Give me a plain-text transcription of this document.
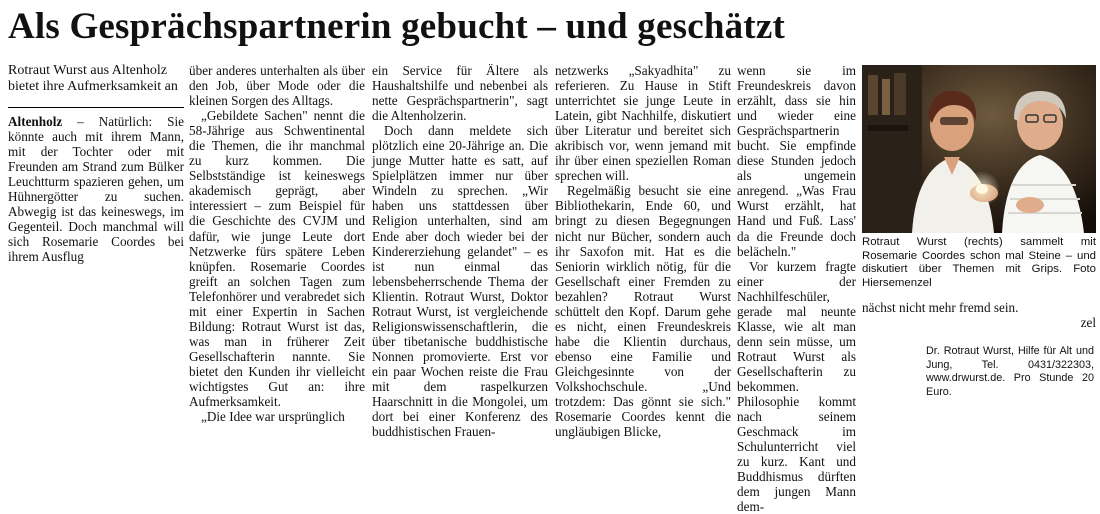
Als Gesprächspartnerin gebucht – und geschätzt

Rotraut Wurst aus Altenholz bietet ihre Aufmerksamkeit an

Altenholz – Natürlich: Sie könnte auch mit ihrem Mann, mit der Tochter oder mit Freunden am Strand zum Bülker Leuchtturm spazieren gehen, um Hühnergötter zu suchen. Abwegig ist das keineswegs, im Gegenteil. Doch manchmal will sich Rosemarie Coordes bei ihrem Ausflug

über anderes unterhalten als über den Job, über Mode oder die kleinen Sorgen des Alltags.

„Gebildete Sachen" nennt die 58-Jährige aus Schwentinental die Themen, die ihr manchmal zu kurz kommen. Die Selbstständige ist keineswegs akademisch geprägt, aber interessiert – zum Beispiel für die Geschichte des CVJM und dafür, wie junge Leute dort Netzwerke fürs spätere Leben knüpfen. Rosemarie Coordes greift an solchen Tagen zum Telefonhörer und verabredet sich mit einer Expertin in Sachen Bildung: Rotraut Wurst ist das, was man in früherer Zeit Gesellschafterin nannte. Sie bietet den Kunden ihr vielleicht wichtigstes Gut an: ihre Aufmerksamkeit.

„Die Idee war ursprünglich

ein Service für Ältere als Haushaltshilfe und nebenbei als nette Gesprächspartnerin", sagt die Altenholzerin.

Doch dann meldete sich plötzlich eine 20-Jährige an. Die junge Mutter hatte es satt, auf Spielplätzen immer nur über Windeln zu sprechen. „Wir haben uns stattdessen über Religion unterhalten, sind am Ende aber doch wieder bei der Kindererziehung gelandet" – es ist nun einmal das lebensbeherrschende Thema der Klientin. Rotraut Wurst, Doktor Rotraut Wurst, ist vergleichende Religionswissenschaftlerin, die über tibetanische buddhistische Nonnen promovierte. Erst vor ein paar Wochen reiste die Frau mit dem raspelkurzen Haarschnitt in die Mongolei, um dort bei einer Konferenz des buddhistischen Frauen-

netzwerks „Sakyadhita" zu referieren. Zu Hause in Stift unterrichtet sie junge Leute in Latein, gibt Nachhilfe, diskutiert über Literatur und bereitet sich akribisch vor, wenn jemand mit ihr über einen speziellen Roman sprechen will.

Regelmäßig besucht sie eine Bibliothekarin, Ende 60, und bringt zu diesen Begegnungen nicht nur Bücher, sondern auch ihr Saxofon mit. Hat es die Seniorin wirklich nötig, für die Gesellschaft einer Fremden zu bezahlen? Rotraut Wurst schüttelt den Kopf. Darum gehe es nicht, einen Freundeskreis habe die Klientin durchaus, ebenso eine Familie und Gleichgesinnte von der Volkshochschule. „Und trotzdem: Das gönnt sie sich." Rosemarie Coordes kennt die ungläubigen Blicke,

wenn sie im Freundeskreis davon erzählt, dass sie hin und wieder eine Gesprächspartnerin bucht. Sie empfinde diese Stunden jedoch als ungemein anregend. „Was Frau Wurst erzählt, hat Hand und Fuß. Lass' da die Freunde doch belächeln."

Vor kurzem fragte einer der Nachhilfeschüler, gerade mal neunte Klasse, wie alt man denn sein müsse, um Rotraut Wurst als Gesellschafterin zu bekommen. Philosophie kommt nach seinem Geschmack im Schulunterricht viel zu kurz. Kant und Buddhismus dürften dem jungen Mann dem-

Rotraut Wurst (rechts) sammelt mit Rosemarie Coordes schon mal Steine – und diskutiert über Themen mit Grips. Foto Hiersemenzel
nächst nicht mehr fremd sein.
zel
Dr. Rotraut Wurst, Hilfe für Alt und Jung, Tel. 0431/322303, www.drwurst.de. Pro Stunde 20 Euro.
